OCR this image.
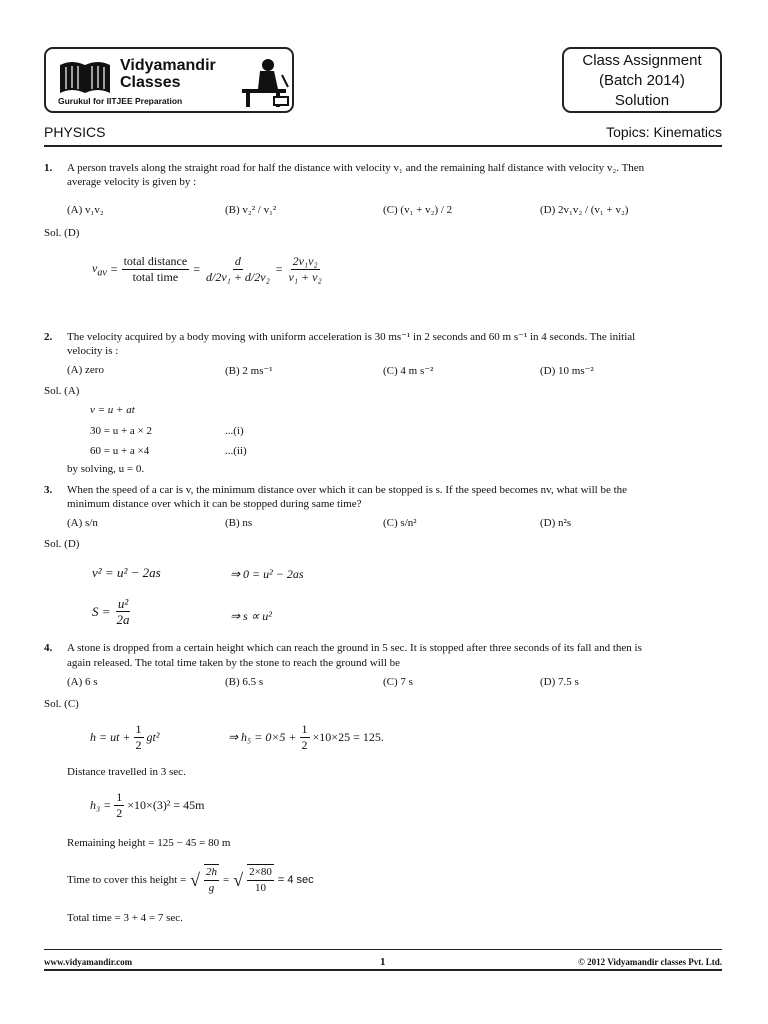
Vidyamandir
Classes
Gurukul for IITJEE Preparation
Class Assignment
(Batch 2014)
Solution
PHYSICS	Topics: Kinematics
1. A person travels along the straight road for half the distance with velocity v₁ and the remaining half distance with velocity v₂. Then
average velocity is given by :
(A) v₁v₂	(B) v₂² / v₁²	(C) (v₁ + v₂) / 2	(D) 2v₁v₂ / (v₁ + v₂)
Sol. (D)
$v_{av} = \frac{\text{total distance}}{\text{total time}} = \frac{d}{\text{d/2v₁ + d/2v₂}} = \frac{\text{2v₁v₂}}{\text{v₁ + v₂}}$
2. The velocity acquired by a body moving with uniform acceleration is 30 ms⁻¹ in 2 seconds and 60 m s⁻¹ in 4 seconds. The initial
velocity is :
(A) zero	(B) 2 ms⁻¹	(C) 4 m s⁻²	(D) 10 ms⁻²
Sol. (A)
v = u + at
30 = u + a × 2	...(i)
60 = u + a ×4	...(ii)
by solving, u = 0.
3. When the speed of a car is v, the minimum distance over which it can be stopped is s. If the speed becomes nv, what will be the
minimum distance over which it can be stopped during same time?
(A) s/n	(B) ns	(C) s/n²	(D) n²s
Sol. (D)
v² = u² − 2as	⇒ 0 = u² − 2as
$S = \frac{\text{u²}}{2a}$	⇒ s ∝ u²
4. A stone is dropped from a certain height which can reach the ground in 5 sec. It is stopped after three seconds of its fall and then is
again released. The total time taken by the stone to reach the ground will be
(A) 6 s	(B) 6.5 s	(C) 7 s	(D) 7.5 s
Sol. (C)
h = ut + $\frac{1}{2} gt^2$	⇒ $h_5 = 0\times 5 + \frac{1}{2} \times 10\times 25 = 125$.
Distance travelled in 3 sec.
$h_3 = \frac{1}{2} \times 10\times(3)^2 = 45m$
Remaining height = 125 − 45 = 80 m
Time to cover this height = √ $\frac{2h}{g}$ = √ $\frac{2\times 80}{10} = 4$ sec
Total time = 3 + 4 = 7 sec.
www.vidyamandir.com	1	© 2012 Vidyamandir classes Pvt. Ltd.
